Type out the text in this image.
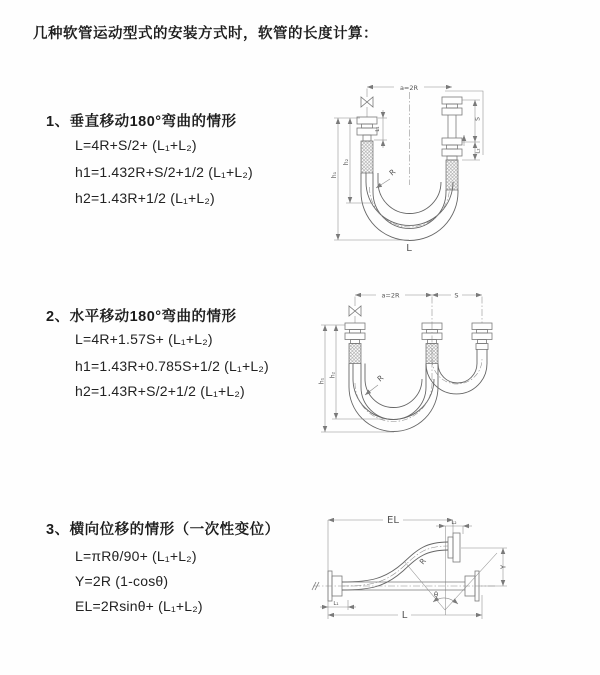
几种软管运动型式的安装方式时，软管的长度计算：
1、垂直移动180°弯曲的情形
L=4R+S/2+ (L₁+L₂)
h1=1.432R+S/2+1/2 (L₁+L₂)
h2=1.43R+1/2 (L₁+L₂)
2、水平移动180°弯曲的情形
L=4R+1.57S+ (L₁+L₂)
h1=1.43R+0.785S+1/2 (L₁+L₂)
h2=1.43R+S/2+1/2 (L₁+L₂)
3、横向位移的情形（一次性变位）
L=πRθ/90+ (L₁+L₂)
Y=2R (1-cosθ)
EL=2Rsinθ+ (L₁+L₂)
a=2R
h₁
h₂
L₁
S
L₂
R
L
a=2R	S
h₁
h₂	R
EL	L₂
θ
R
Y
L
L₁
